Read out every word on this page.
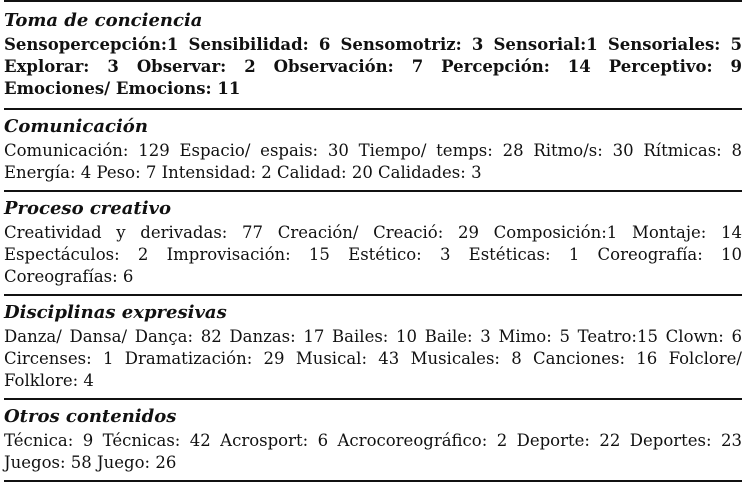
Toma de conciencia

Sensopercepción:1 Sensibilidad: 6 Sensomotriz: 3 Sensorial:1 Sensoriales: 5 Explorar: 3 Observar: 2 Observación: 7 Percepción: 14 Perceptivo: 9 Emociones/ Emocions: 11

Comunicación

Comunicación: 129 Espacio/ espais: 30 Tiempo/ temps: 28 Ritmo/s: 30 Rítmicas: 8 Energía: 4 Peso: 7 Intensidad: 2 Calidad: 20 Calidades: 3

Proceso creativo

Creatividad y derivadas: 77 Creación/ Creació: 29 Composición:1 Montaje: 14 Espectáculos: 2 Improvisación: 15 Estético: 3 Estéticas: 1 Coreografía: 10 Coreografías: 6

Disciplinas expresivas

Danza/ Dansa/ Dança: 82 Danzas: 17 Bailes: 10 Baile: 3 Mimo: 5 Teatro:15 Clown: 6 Circenses: 1 Dramatización: 29 Musical: 43 Musicales: 8 Canciones: 16 Folclore/ Folklore: 4

Otros contenidos

Técnica: 9 Técnicas: 42 Acrosport: 6 Acrocoreográfico: 2 Deporte: 22 Deportes: 23 Juegos: 58 Juego: 26
